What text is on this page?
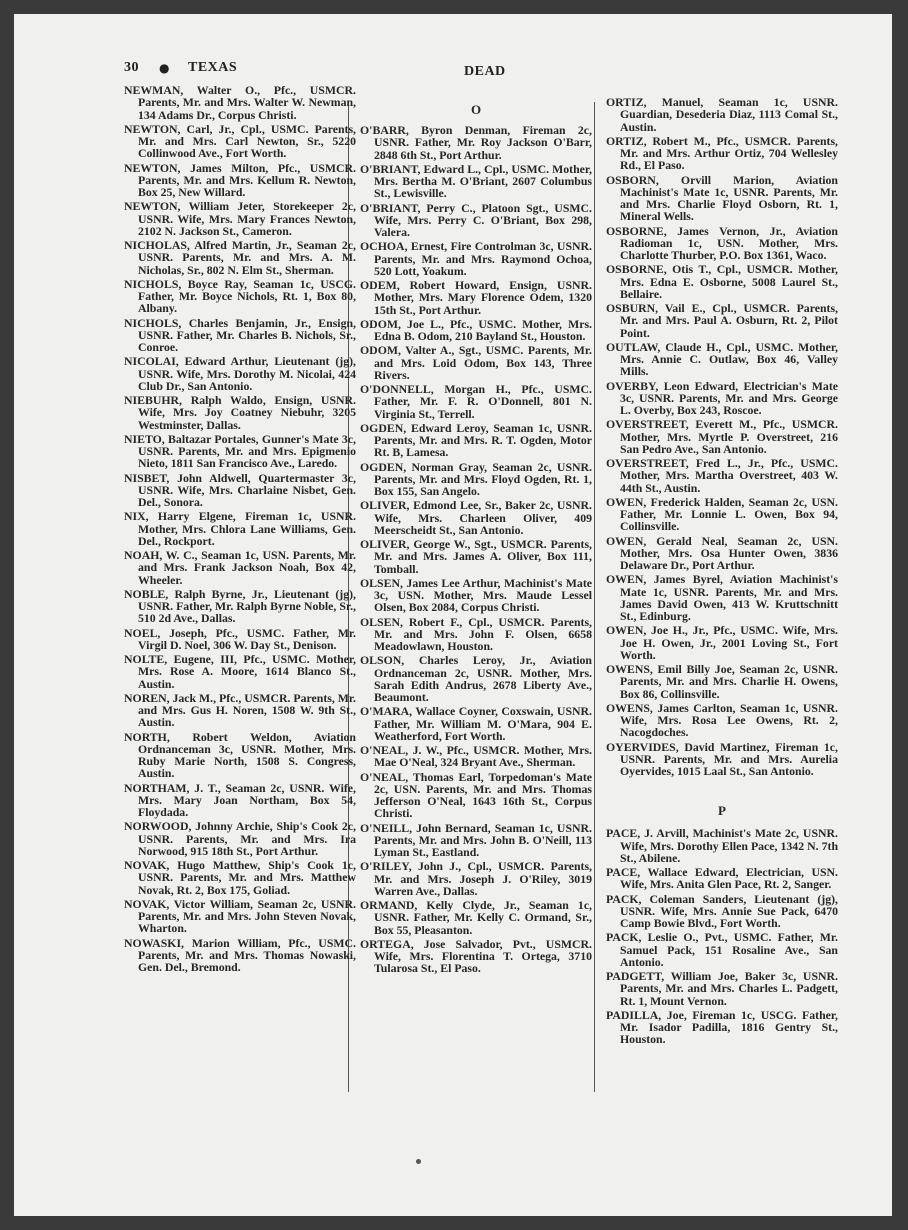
30 ● TEXAS	DEAD

NEWMAN, Walter O., Pfc., USMCR. Parents, Mr. and Mrs. Walter W. Newman, 134 Adams Dr., Corpus Christi.

NEWTON, Carl, Jr., Cpl., USMC. Parents, Mr. and Mrs. Carl Newton, Sr., 5220 Collinwood Ave., Fort Worth.

NEWTON, James Milton, Pfc., USMCR. Parents, Mr. and Mrs. Kellum R. Newton, Box 25, New Willard.

NEWTON, William Jeter, Storekeeper 2c, USNR. Wife, Mrs. Mary Frances Newton, 2102 N. Jackson St., Cameron.

NICHOLAS, Alfred Martin, Jr., Seaman 2c, USNR. Parents, Mr. and Mrs. A. M. Nicholas, Sr., 802 N. Elm St., Sherman.

NICHOLS, Boyce Ray, Seaman 1c, USCG. Father, Mr. Boyce Nichols, Rt. 1, Box 80, Albany.

NICHOLS, Charles Benjamin, Jr., Ensign, USNR. Father, Mr. Charles B. Nichols, Sr., Conroe.

NICOLAI, Edward Arthur, Lieutenant (jg), USNR. Wife, Mrs. Dorothy M. Nicolai, 424 Club Dr., San Antonio.

NIEBUHR, Ralph Waldo, Ensign, USNR. Wife, Mrs. Joy Coatney Niebuhr, 3205 Westminster, Dallas.

NIETO, Baltazar Portales, Gunner's Mate 3c, USNR. Parents, Mr. and Mrs. Epigmenio Nieto, 1811 San Francisco Ave., Laredo.

NISBET, John Aldwell, Quartermaster 3c, USNR. Wife, Mrs. Charlaine Nisbet, Gen. Del., Sonora.

NIX, Harry Elgene, Fireman 1c, USNR. Mother, Mrs. Chlora Lane Williams, Gen. Del., Rockport.

NOAH, W. C., Seaman 1c, USN. Parents, Mr. and Mrs. Frank Jackson Noah, Box 42, Wheeler.

NOBLE, Ralph Byrne, Jr., Lieutenant (jg), USNR. Father, Mr. Ralph Byrne Noble, Sr., 510 2d Ave., Dallas.

NOEL, Joseph, Pfc., USMC. Father, Mr. Virgil D. Noel, 306 W. Day St., Denison.

NOLTE, Eugene, III, Pfc., USMC. Mother, Mrs. Rose A. Moore, 1614 Blanco St., Austin.

NOREN, Jack M., Pfc., USMCR. Parents, Mr. and Mrs. Gus H. Noren, 1508 W. 9th St., Austin.

NORTH, Robert Weldon, Aviation Ordnanceman 3c, USNR. Mother, Mrs. Ruby Marie North, 1508 S. Congress, Austin.

NORTHAM, J. T., Seaman 2c, USNR. Wife, Mrs. Mary Joan Northam, Box 54, Floydada.

NORWOOD, Johnny Archie, Ship's Cook 2c, USNR. Parents, Mr. and Mrs. Ira Norwood, 915 18th St., Port Arthur.

NOVAK, Hugo Matthew, Ship's Cook 1c, USNR. Parents, Mr. and Mrs. Matthew Novak, Rt. 2, Box 175, Goliad.

NOVAK, Victor William, Seaman 2c, USNR. Parents, Mr. and Mrs. John Steven Novak, Wharton.

NOWASKI, Marion William, Pfc., USMC. Parents, Mr. and Mrs. Thomas Nowaski, Gen. Del., Bremond.

O

O'BARR, Byron Denman, Fireman 2c, USNR. Father, Mr. Roy Jackson O'Barr, 2848 6th St., Port Arthur.

O'BRIANT, Edward L., Cpl., USMC. Mother, Mrs. Bertha M. O'Briant, 2607 Columbus St., Lewisville.

O'BRIANT, Perry C., Platoon Sgt., USMC. Wife, Mrs. Perry C. O'Briant, Box 298, Valera.

OCHOA, Ernest, Fire Controlman 3c, USNR. Parents, Mr. and Mrs. Raymond Ochoa, 520 Lott, Yoakum.

ODEM, Robert Howard, Ensign, USNR. Mother, Mrs. Mary Florence Odem, 1320 15th St., Port Arthur.

ODOM, Joe L., Pfc., USMC. Mother, Mrs. Edna B. Odom, 210 Bayland St., Houston.

ODOM, Valter A., Sgt., USMC. Parents, Mr. and Mrs. Loid Odom, Box 143, Three Rivers.

O'DONNELL, Morgan H., Pfc., USMC. Father, Mr. F. R. O'Donnell, 801 N. Virginia St., Terrell.

OGDEN, Edward Leroy, Seaman 1c, USNR. Parents, Mr. and Mrs. R. T. Ogden, Motor Rt. B, Lamesa.

OGDEN, Norman Gray, Seaman 2c, USNR. Parents, Mr. and Mrs. Floyd Ogden, Rt. 1, Box 155, San Angelo.

OLIVER, Edmond Lee, Sr., Baker 2c, USNR. Wife, Mrs. Charleen Oliver, 409 Meerscheidt St., San Antonio.

OLIVER, George W., Sgt., USMCR. Parents, Mr. and Mrs. James A. Oliver, Box 111, Tomball.

OLSEN, James Lee Arthur, Machinist's Mate 3c, USN. Mother, Mrs. Maude Lessel Olsen, Box 2084, Corpus Christi.

OLSEN, Robert F., Cpl., USMCR. Parents, Mr. and Mrs. John F. Olsen, 6658 Meadowlawn, Houston.

OLSON, Charles Leroy, Jr., Aviation Ordnanceman 2c, USNR. Mother, Mrs. Sarah Edith Andrus, 2678 Liberty Ave., Beaumont.

O'MARA, Wallace Coyner, Coxswain, USNR. Father, Mr. William M. O'Mara, 904 E. Weatherford, Fort Worth.

O'NEAL, J. W., Pfc., USMCR. Mother, Mrs. Mae O'Neal, 324 Bryant Ave., Sherman.

O'NEAL, Thomas Earl, Torpedoman's Mate 2c, USN. Parents, Mr. and Mrs. Thomas Jefferson O'Neal, 1643 16th St., Corpus Christi.

O'NEILL, John Bernard, Seaman 1c, USNR. Parents, Mr. and Mrs. John B. O'Neill, 113 Lyman St., Eastland.

O'RILEY, John J., Cpl., USMCR. Parents, Mr. and Mrs. Joseph J. O'Riley, 3019 Warren Ave., Dallas.

ORMAND, Kelly Clyde, Jr., Seaman 1c, USNR. Father, Mr. Kelly C. Ormand, Sr., Box 55, Pleasanton.

ORTEGA, Jose Salvador, Pvt., USMCR. Wife, Mrs. Florentina T. Ortega, 3710 Tularosa St., El Paso.

ORTIZ, Manuel, Seaman 1c, USNR. Guardian, Desederia Diaz, 1113 Comal St., Austin.

ORTIZ, Robert M., Pfc., USMCR. Parents, Mr. and Mrs. Arthur Ortiz, 704 Wellesley Rd., El Paso.

OSBORN, Orvill Marion, Aviation Machinist's Mate 1c, USNR. Parents, Mr. and Mrs. Charlie Floyd Osborn, Rt. 1, Mineral Wells.

OSBORNE, James Vernon, Jr., Aviation Radioman 1c, USN. Mother, Mrs. Charlotte Thurber, P.O. Box 1361, Waco.

OSBORNE, Otis T., Cpl., USMCR. Mother, Mrs. Edna E. Osborne, 5008 Laurel St., Bellaire.

OSBURN, Vail E., Cpl., USMCR. Parents, Mr. and Mrs. Paul A. Osburn, Rt. 2, Pilot Point.

OUTLAW, Claude H., Cpl., USMC. Mother, Mrs. Annie C. Outlaw, Box 46, Valley Mills.

OVERBY, Leon Edward, Electrician's Mate 3c, USNR. Parents, Mr. and Mrs. George L. Overby, Box 243, Roscoe.

OVERSTREET, Everett M., Pfc., USMCR. Mother, Mrs. Myrtle P. Overstreet, 216 San Pedro Ave., San Antonio.

OVERSTREET, Fred L., Jr., Pfc., USMC. Mother, Mrs. Martha Overstreet, 403 W. 44th St., Austin.

OWEN, Frederick Halden, Seaman 2c, USN. Father, Mr. Lonnie L. Owen, Box 94, Collinsville.

OWEN, Gerald Neal, Seaman 2c, USN. Mother, Mrs. Osa Hunter Owen, 3836 Delaware Dr., Port Arthur.

OWEN, James Byrel, Aviation Machinist's Mate 1c, USNR. Parents, Mr. and Mrs. James David Owen, 413 W. Kruttschnitt St., Edinburg.

OWEN, Joe H., Jr., Pfc., USMC. Wife, Mrs. Joe H. Owen, Jr., 2001 Loving St., Fort Worth.

OWENS, Emil Billy Joe, Seaman 2c, USNR. Parents, Mr. and Mrs. Charlie H. Owens, Box 86, Collinsville.

OWENS, James Carlton, Seaman 1c, USNR. Wife, Mrs. Rosa Lee Owens, Rt. 2, Nacogdoches.

OYERVIDES, David Martinez, Fireman 1c, USNR. Parents, Mr. and Mrs. Aurelia Oyervides, 1015 Laal St., San Antonio.

P

PACE, J. Arvill, Machinist's Mate 2c, USNR. Wife, Mrs. Dorothy Ellen Pace, 1342 N. 7th St., Abilene.

PACE, Wallace Edward, Electrician, USN. Wife, Mrs. Anita Glen Pace, Rt. 2, Sanger.

PACK, Coleman Sanders, Lieutenant (jg), USNR. Wife, Mrs. Annie Sue Pack, 6470 Camp Bowie Blvd., Fort Worth.

PACK, Leslie O., Pvt., USMC. Father, Mr. Samuel Pack, 151 Rosaline Ave., San Antonio.

PADGETT, William Joe, Baker 3c, USNR. Parents, Mr. and Mrs. Charles L. Padgett, Rt. 1, Mount Vernon.

PADILLA, Joe, Fireman 1c, USCG. Father, Mr. Isador Padilla, 1816 Gentry St., Houston.
